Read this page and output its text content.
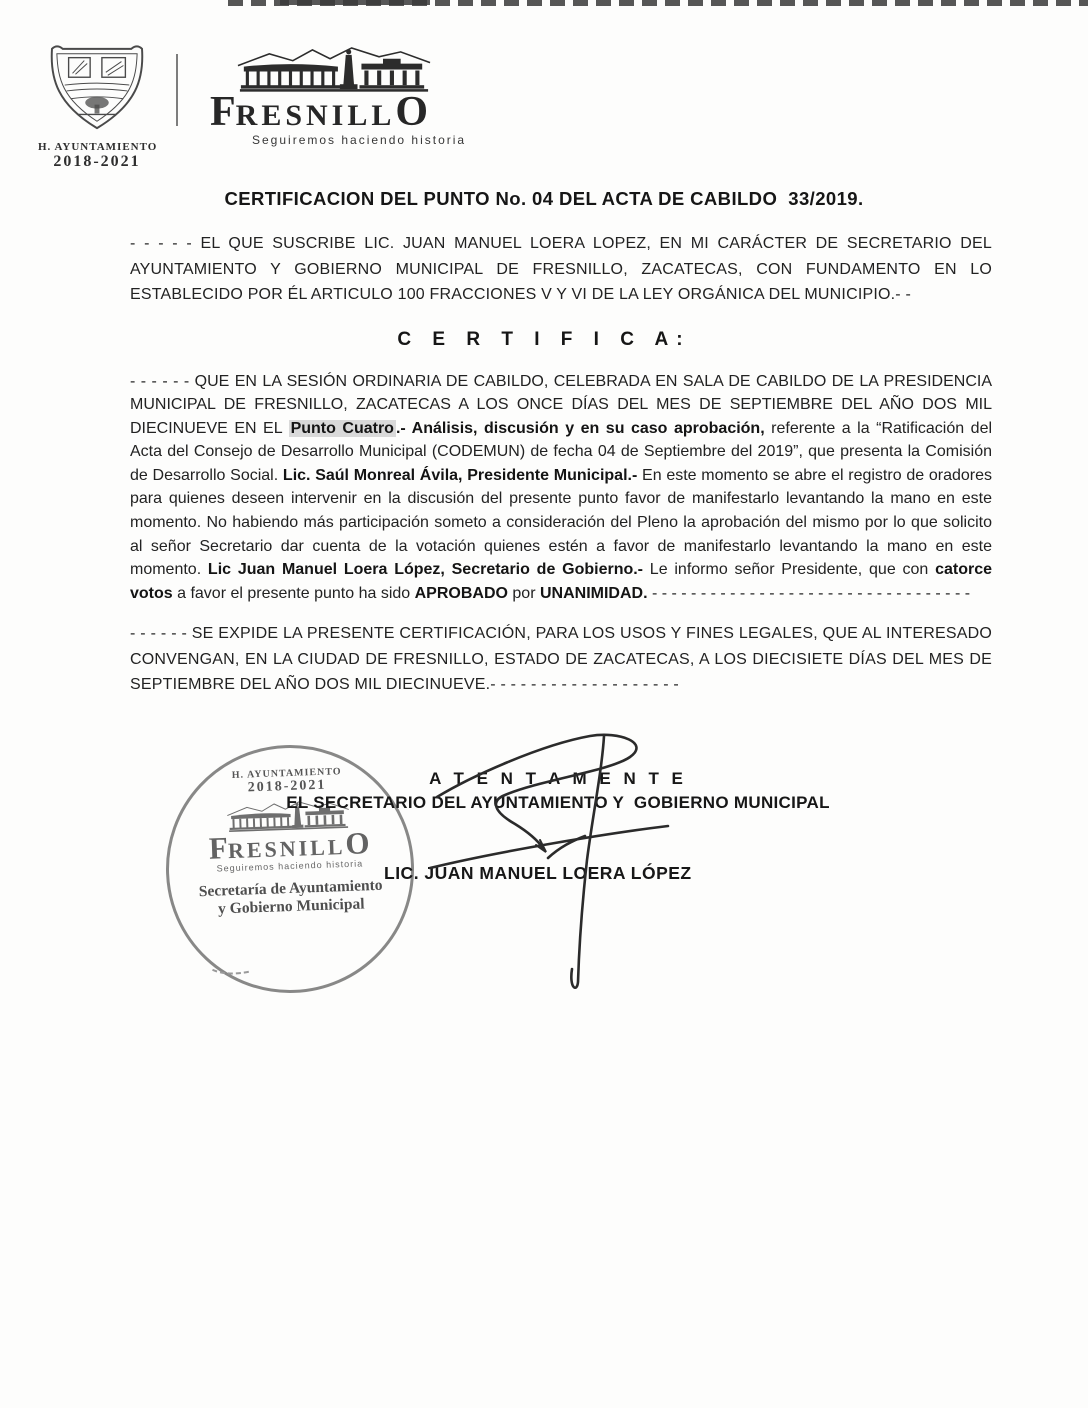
H. AYUNTAMIENTO
2018-2021
FRESNILLO
Seguiremos haciendo historia
CERTIFICACION DEL PUNTO No. 04 DEL ACTA DE CABILDO  33/2019.

- - - - - EL QUE SUSCRIBE LIC. JUAN MANUEL LOERA LOPEZ, EN MI CARÁCTER DE SECRETARIO DEL AYUNTAMIENTO Y GOBIERNO MUNICIPAL DE FRESNILLO, ZACATECAS, CON FUNDAMENTO EN LO ESTABLECIDO POR ÉL ARTICULO 100 FRACCIONES V Y VI DE LA LEY ORGÁNICA DEL MUNICIPIO.- -

C E R T I F I C A:

- - - - - - QUE EN LA SESIÓN ORDINARIA DE CABILDO, CELEBRADA EN SALA DE CABILDO DE LA PRESIDENCIA MUNICIPAL DE FRESNILLO, ZACATECAS A LOS ONCE DÍAS DEL MES DE SEPTIEMBRE DEL AÑO DOS MIL DIECINUEVE EN EL Punto Cuatro .- Análisis, discusión y en su caso aprobación, referente a la “Ratificación del Acta del Consejo de Desarrollo Municipal (CODEMUN) de fecha 04 de Septiembre del 2019”, que presenta la Comisión de Desarrollo Social. Lic. Saúl Monreal Ávila, Presidente Municipal.- En este momento se abre el registro de oradores para quienes deseen intervenir en la discusión del presente punto favor de manifestarlo levantando la mano en este momento. No habiendo más participación someto a consideración del Pleno la aprobación del mismo por lo que solicito al señor Secretario dar cuenta de la votación quienes estén a favor de manifestarlo levantando la mano en este momento. Lic Juan Manuel Loera López, Secretario de Gobierno.- Le informo señor Presidente, que con catorce votos a favor el presente punto ha sido APROBADO por UNANIMIDAD. - - - - - - - - - - - - - - - - - - - - - - - - - - - - - - - - -

- - - - - - SE EXPIDE LA PRESENTE CERTIFICACIÓN, PARA LOS USOS Y FINES LEGALES, QUE AL INTERESADO CONVENGAN, EN LA CIUDAD DE FRESNILLO, ESTADO DE ZACATECAS, A LOS DIECISIETE DÍAS DEL MES DE SEPTIEMBRE DEL AÑO DOS MIL DIECINUEVE.- - - - - - - - - - - - - - - - - - -

H. AYUNTAMIENTO
2018-2021
FRESNILLO
Seguiremos haciendo historia
Secretaría de Ayuntamiento
y Gobierno Municipal
A T E N T A M E N T E
EL SECRETARIO DEL AYUNTAMIENTO Y  GOBIERNO MUNICIPAL
LIC. JUAN MANUEL LOERA LÓPEZ
